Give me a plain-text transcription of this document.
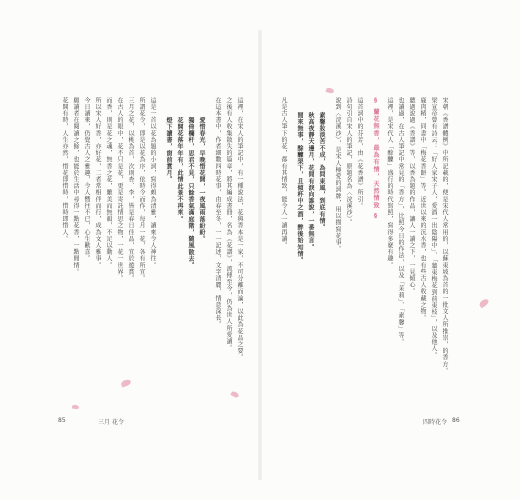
宋朝《香譜體例》中所記載的，便是宋代人常用的，以蘇東坡為首的一批文人所推崇，的香方。
梁宣帝曾有詩云：「好人家宋子人，愛酒一出陰陽中」、「牆東梅花到前東枝」，以及他人。
鹿肉精，同書中「梅花香餅」等。近世以來的沉水香，也有些古人收藏之物。
聽過說過《香譜》等，以香為題的作品，讓人一讀之下，一見傾心。
也讀過，在古人筆記中常見的「香方」，比照今日的作法，以及「茉莉」、「素馨」等。
這裡，是宋代人「酴醾」盛行的時代寫照，寫得多麼有趣。
§ 蘭花無香，最為有情，天然情致 §
這首詞中的芬芳，由《花香譜》所引。
詩句引自宋人的筆記，原題名為〈浣溪沙〉。
說到〈浣溪沙〉，是宋人極愛的詞牌，用以描寫花事。
素馨妝淡苦不成，為問東風，到底有情。
秋高夜靜天邊月，花間有淚向誰說，一番無言。
閒來無事，酴醾架下，且傾杯中之酒，醉後始知情。
凡是古人筆下的花，都有其情致，能令人一讀再讀。
這裡，在宋人的筆記中，有一種說法，花與香本是一家，不可分離而論，以此為花品之要。
之後有人收集散失的篇章，將其編成書冊，名為《花譜》，流傳至今，仍為世人所愛讀。
在這本書中，作者細數四時花事，由春至冬，一一記述，文字清麗，情意深長。
愛惜春光，早晚惜花開，一夜風雨落紛紛。
獨倚欄杆，思君不見，只餘香氣滿庭階，隨風散去。
花開花落年年有，此情此景不再來。
燈下讀書，窗前賞月。
這是一首以花為題的小詞，寫得頗為清雅，讀來令人神往。
所謂花令，即是以花為序，依時令而作，每月一花，各有所宜。
三月之花，以桃為首，次則杏、李，皆是春日佳品，宜於遊賞。
在古人的眼中，花不只是花，更是寄託情思之物，一花一世界。
而香，則是花之魂，無香之花，雖美而無韻，不足以動人。
所以宋人好香，亦好花，二者常相伴而行，成為文人雅事。
今日讀來，仍覺古人之雅趣，令人嚮往不已，心生歡喜。
願讀者在閱讀之餘，也能於生活中尋得一點花香，一點閒情。
花開有時，人生亦然，惜花即惜時，惜時即惜人。
85	三月 花令	四時花令 86
